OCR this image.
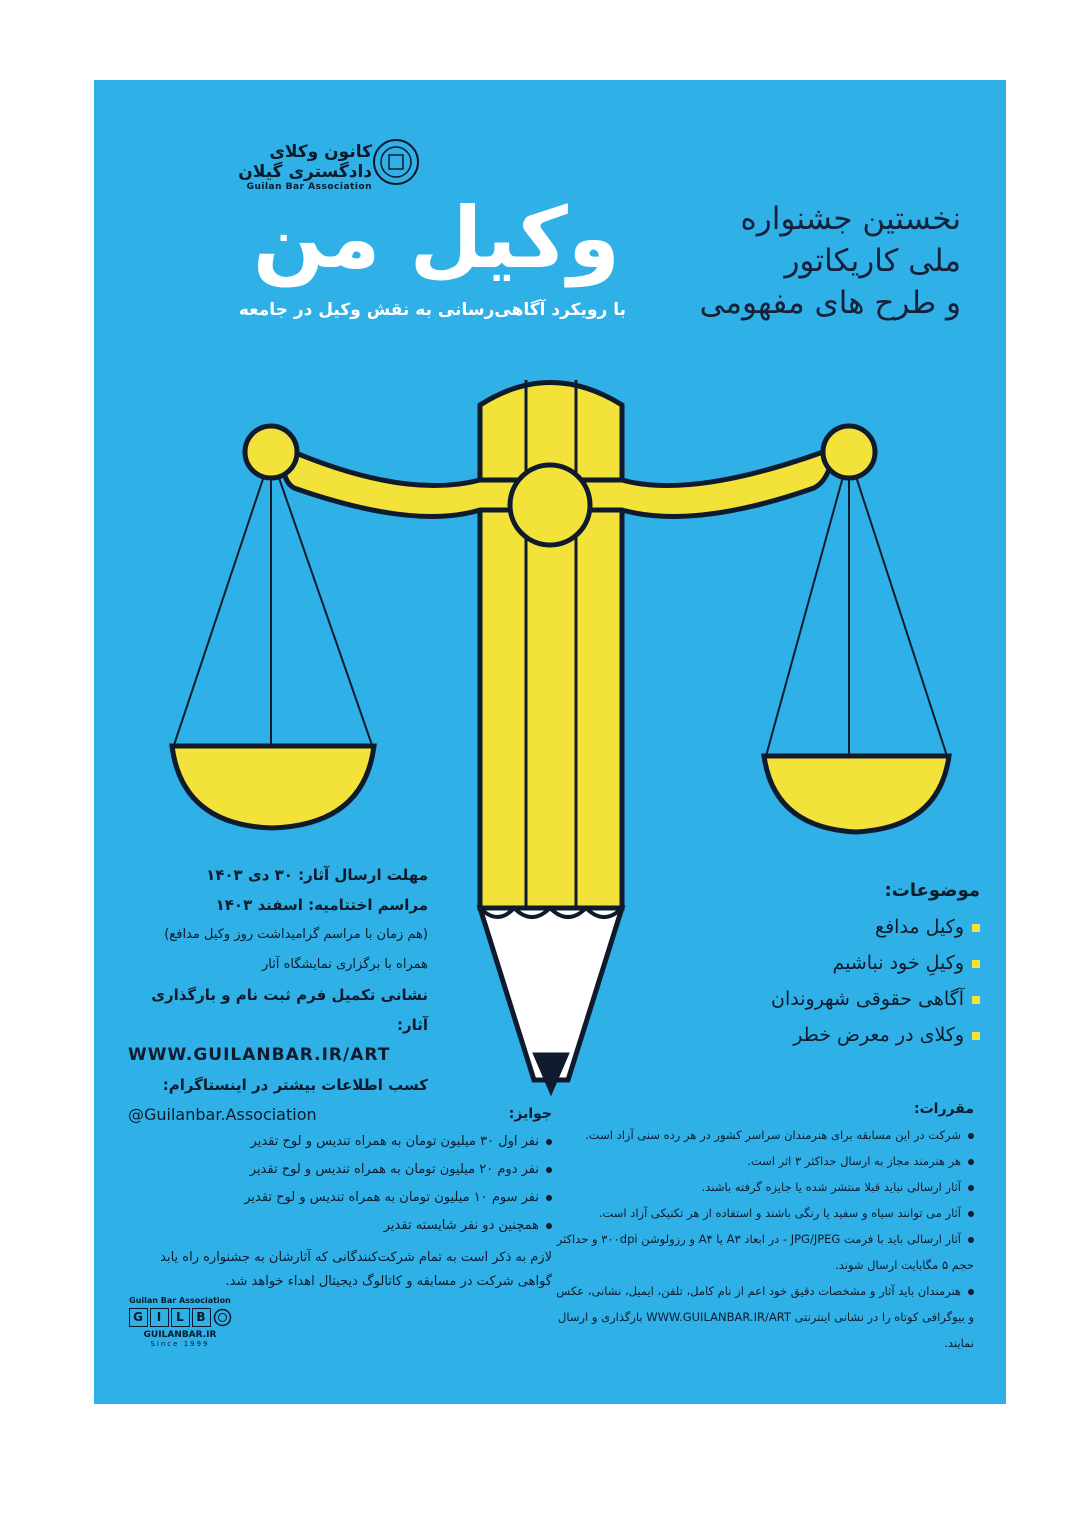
کانون وکلای دادگستری گیلان
Guilan Bar Association
وکیل من	نخستین جشنواره
ملی کاریکاتور
و طرح های مفهومی
با رویکرد آگاهی‌رسانی به نقش وکیل در جامعه
مهلت ارسال آثار: ۳۰ دی ۱۴۰۳
مراسم اختتامیه: اسفند ۱۴۰۳
(هم زمان با مراسم گرامیداشت روز وکیل مدافع)
همراه با برگزاری نمایشگاه آثار
نشانی تکمیل فرم ثبت نام و بارگذاری آثار:
WWW.GUILANBAR.IR/ART
کسب اطلاعات بیشتر در اینستاگرام:
@Guilanbar.Association
موضوعات:
وکیل مدافع
وکیلِ خود نباشیم
آگاهی حقوقی شهروندان
وکلای در معرض خطر

جوایز:

نفر اول ۳۰ میلیون تومان به همراه تندیس و لوح تقدیر

نفر دوم ۲۰ میلیون تومان به همراه تندیس و لوح تقدیر

نفر سوم ۱۰ میلیون تومان به همراه تندیس و لوح تقدیر

همچنین دو نفر شایسته تقدیر

لازم به ذکر است به تمام شرکت‌کنندگانی که آثارشان به جشنواره راه یابد گواهی شرکت در مسابقه و کاتالوگ دیجیتال اهداء خواهد شد.

مقررات:

شرکت در این مسابقه برای هنرمندان سراسر کشور در هر رده سنی آزاد است.

هر هنرمند مجاز به ارسال حداکثر ۳ اثر است.

آثار ارسالی نباید قبلا منتشر شده یا جایزه گرفته باشند.

آثار می توانند سیاه و سفید یا رنگی باشند و استفاده از هر تکنیکی آزاد است.

آثار ارسالی باید با فرمت JPG/JPEG - در ابعاد A۳ یا A۴ و رزولوشن ۳۰۰dpi و حداکثر حجم ۵ مگابایت ارسال شوند.

هنرمندان باید آثار و مشخصات دقیق خود اعم از نام کامل، تلفن، ایمیل، نشانی، عکس و بیوگرافی کوتاه را در نشانی اینترنتی WWW.GUILANBAR.IR/ART بارگذاری و ارسال نمایند.

Guilan Bar Association
G	I	L	B
GUILANBAR.IR
Since 1999
